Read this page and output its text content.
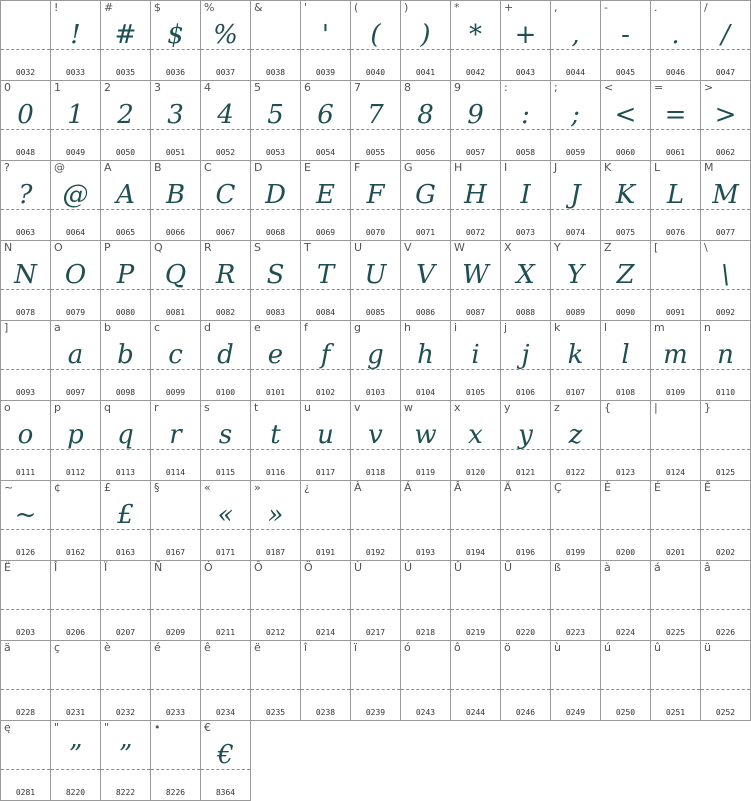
0032
!
!
0033
#
#
0035
$
$
0036
%
%
0037
&
0038
'
'
0039
(
(
0040
)
)
0041
*
*
0042
+
+
0043
,
,
0044
-
-
0045
.
.
0046
/
/
0047
0
0
0048
1
1
0049
2
2
0050
3
3
0051
4
4
0052
5
5
0053
6
6
0054
7
7
0055
8
8
0056
9
9
0057
:
:
0058
;
;
0059
<
<
0060
=
=
0061
>
>
0062
?
?
0063
@
@
0064
A
A
0065
B
B
0066
C
C
0067
D
D
0068
E
E
0069
F
F
0070
G
G
0071
H
H
0072
I
I
0073
J
J
0074
K
K
0075
L
L
0076
M
M
0077
N
N
0078
O
O
0079
P
P
0080
Q
Q
0081
R
R
0082
S
S
0083
T
T
0084
U
U
0085
V
V
0086
W
W
0087
X
X
0088
Y
Y
0089
Z
Z
0090
[
0091
\
\
0092
]
0093
a
a
0097
b
b
0098
c
c
0099
d
d
0100
e
e
0101
f
f
0102
g
g
0103
h
h
0104
i
i
0105
j
j
0106
k
k
0107
l
l
0108
m
m
0109
n
n
0110
o
o
0111
p
p
0112
q
q
0113
r
r
0114
s
s
0115
t
t
0116
u
u
0117
v
v
0118
w
w
0119
x
x
0120
y
y
0121
z
z
0122
{
0123
|
0124
}
0125
~
~
0126
¢
0162
£
£
0163
§
0167
«
«
0171
»
»
0187
¿
0191
À
0192
Á
0193
Â
0194
Ä
0196
Ç
0199
È
0200
É
0201
Ê
0202
Ë
0203
Î
0206
Ï
0207
Ñ
0209
Ó
0211
Ô
0212
Ö
0214
Ù
0217
Ú
0218
Û
0219
Ü
0220
ß
0223
à
0224
á
0225
â
0226
ä
0228
ç
0231
è
0232
é
0233
ê
0234
ë
0235
î
0238
ï
0239
ó
0243
ô
0244
ö
0246
ù
0249
ú
0250
û
0251
ü
0252
ę
0281
"
”
8220
"
”
8222
•
8226
€
€
8364
